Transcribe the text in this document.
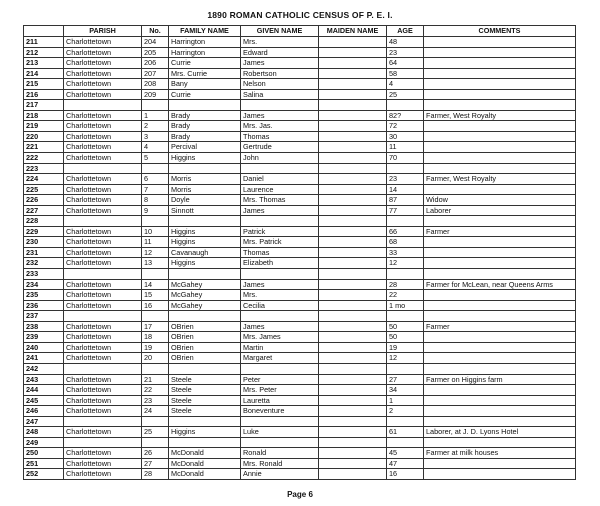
1890 ROMAN CATHOLIC CENSUS OF P. E. I.
	PARISH	No.	FAMILY NAME	GIVEN NAME	MAIDEN NAME	AGE	COMMENTS
211	Charlottetown	204	Harrington	Mrs.		48	
212	Charlottetown	205	Harrington	Edward		23	
213	Charlottetown	206	Currie	James		64	
214	Charlottetown	207	Mrs. Currie	Robertson		58	
215	Charlottetown	208	Bany	Nelson		4	
216	Charlottetown	209	Currie	Salina		25	
217							
218	Charlottetown	1	Brady	James		82?	Farmer, West Royalty
219	Charlottetown	2	Brady	Mrs. Jas.		72	
220	Charlottetown	3	Brady	Thomas		30	
221	Charlottetown	4	Percival	Gertrude		11	
222	Charlottetown	5	Higgins	John		70	
223							
224	Charlottetown	6	Morris	Daniel		23	Farmer, West Royalty
225	Charlottetown	7	Morris	Laurence		14	
226	Charlottetown	8	Doyle	Mrs. Thomas		87	Widow
227	Charlottetown	9	Sinnott	James		77	Laborer
228							
229	Charlottetown	10	Higgins	Patrick		66	Farmer
230	Charlottetown	11	Higgins	Mrs. Patrick		68	
231	Charlottetown	12	Cavanaugh	Thomas		33	
232	Charlottetown	13	Higgins	Elizabeth		12	
233							
234	Charlottetown	14	McGahey	James		28	Farmer for McLean, near Queens Arms
235	Charlottetown	15	McGahey	Mrs.		22	
236	Charlottetown	16	McGahey	Cecilia		1 mo	
237							
238	Charlottetown	17	OBrien	James		50	Farmer
239	Charlottetown	18	OBrien	Mrs. James		50	
240	Charlottetown	19	OBrien	Martin		19	
241	Charlottetown	20	OBrien	Margaret		12	
242							
243	Charlottetown	21	Steele	Peter		27	Farmer on Higgins farm
244	Charlottetown	22	Steele	Mrs. Peter		34	
245	Charlottetown	23	Steele	Lauretta		1	
246	Charlottetown	24	Steele	Boneventure		2	
247							
248	Charlottetown	25	Higgins	Luke		61	Laborer, at J. D. Lyons Hotel
249							
250	Charlottetown	26	McDonald	Ronald		45	Farmer at milk houses
251	Charlottetown	27	McDonald	Mrs. Ronald		47	
252	Charlottetown	28	McDonald	Annie		16	
Page 6
